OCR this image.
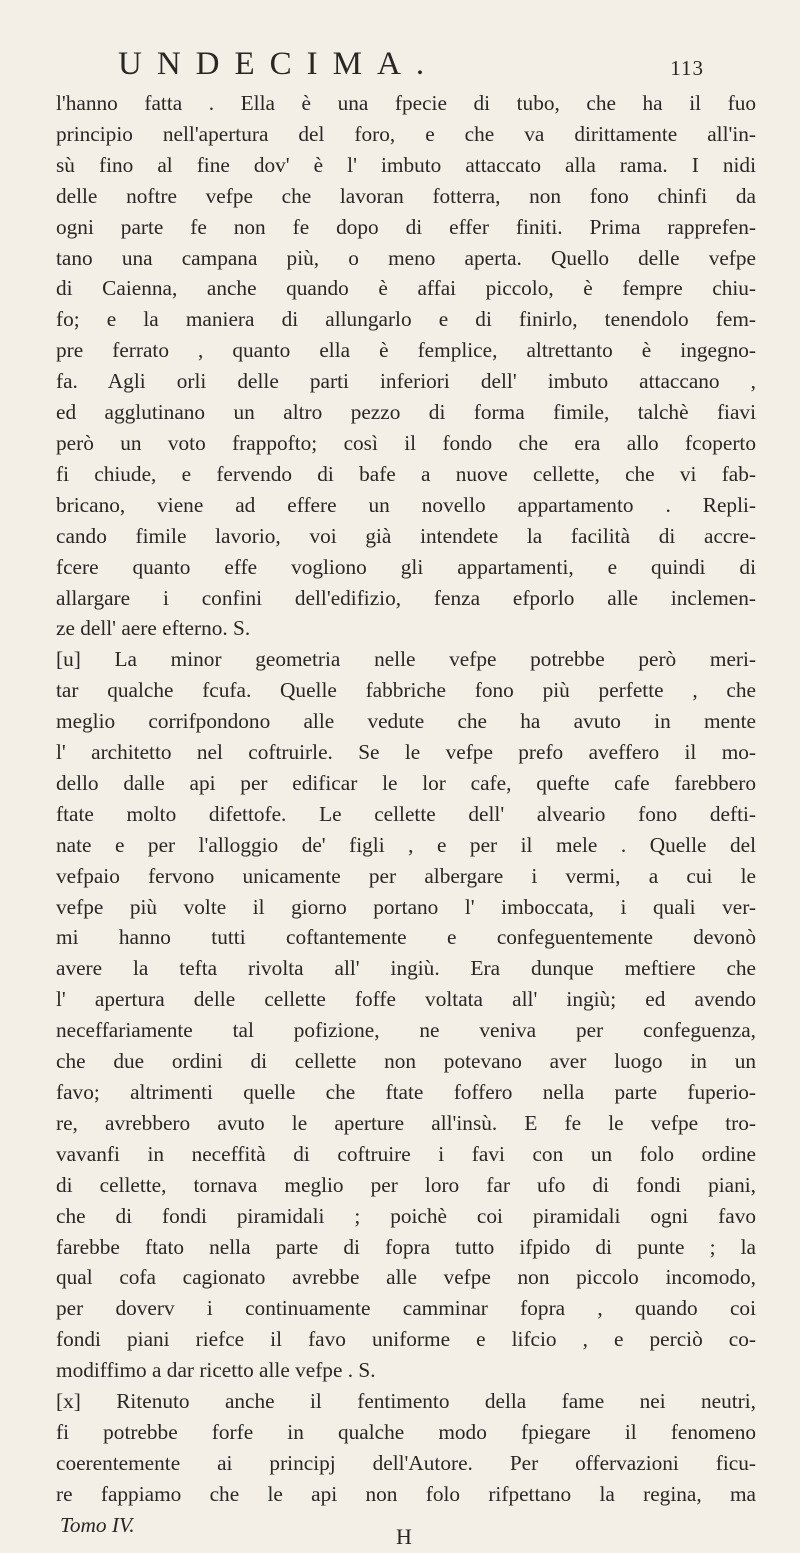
UNDECIMA.	113

l'hanno fatta . Ella è una fpecie di tubo, che ha il fuo

principio nell'apertura del foro, e che va dirittamente all'in-

sù fino al fine dov' è l' imbuto attaccato alla rama. I nidi

delle noftre vefpe che lavoran fotterra, non fono chinfi da

ogni parte fe non fe dopo di effer finiti. Prima rapprefen-

tano una campana più, o meno aperta. Quello delle vefpe

di Caienna, anche quando è affai piccolo, è fempre chiu-

fo; e la maniera di allungarlo e di finirlo, tenendolo fem-

pre ferrato , quanto ella è femplice, altrettanto è ingegno-

fa. Agli orli delle parti inferiori dell' imbuto attaccano ,

ed agglutinano un altro pezzo di forma fimile, talchè fiavi

però un voto frappofto; così il fondo che era allo fcoperto

fi chiude, e fervendo di bafe a nuove cellette, che vi fab-

bricano, viene ad effere un novello appartamento . Repli-

cando fimile lavorio, voi già intendete la facilità di accre-

fcere quanto effe vogliono gli appartamenti, e quindi di

allargare i confini dell'edifizio, fenza efporlo alle inclemen-

ze dell' aere efterno. S.

[u] La minor geometria nelle vefpe potrebbe però meri-

tar qualche fcufa. Quelle fabbriche fono più perfette , che

meglio corrifpondono alle vedute che ha avuto in mente

l' architetto nel coftruirle. Se le vefpe prefo aveffero il mo-

dello dalle api per edificar le lor cafe, quefte cafe farebbero

ftate molto difettofe. Le cellette dell' alveario fono defti-

nate e per l'alloggio de' figli , e per il mele . Quelle del

vefpaio fervono unicamente per albergare i vermi, a cui le

vefpe più volte il giorno portano l' imboccata, i quali ver-

mi hanno tutti coftantemente e confeguentemente devonò

avere la tefta rivolta all' ingiù. Era dunque meftiere che

l' apertura delle cellette foffe voltata all' ingiù; ed avendo

neceffariamente tal pofizione, ne veniva per confeguenza,

che due ordini di cellette non potevano aver luogo in un

favo; altrimenti quelle che ftate foffero nella parte fuperio-

re, avrebbero avuto le aperture all'insù. E fe le vefpe tro-

vavanfi in neceffità di coftruire i favi con un folo ordine

di cellette, tornava meglio per loro far ufo di fondi piani,

che di fondi piramidali ; poichè coi piramidali ogni favo

farebbe ftato nella parte di fopra tutto ifpido di punte ; la

qual cofa cagionato avrebbe alle vefpe non piccolo incomodo,

per doverv i continuamente camminar fopra , quando coi

fondi piani riefce il favo uniforme e lifcio , e perciò co-

modiffimo a dar ricetto alle vefpe . S.

[x] Ritenuto anche il fentimento della fame nei neutri,

fi potrebbe forfe in qualche modo fpiegare il fenomeno

coerentemente ai principj dell'Autore. Per offervazioni ficu-

re fappiamo che le api non folo rifpettano la regina, ma

Tomo IV.	H
